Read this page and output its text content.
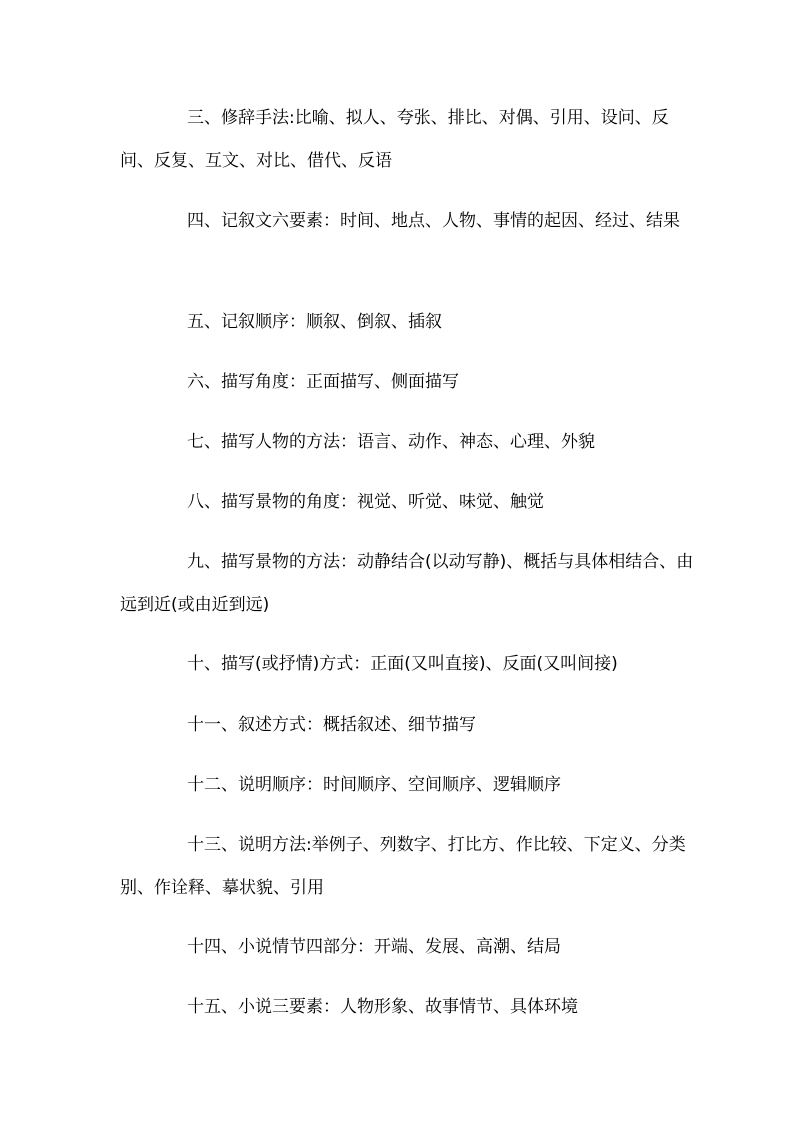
三、修辞手法:比喻、拟人、夸张、排比、对偶、引用、设问、反问、反复、互文、对比、借代、反语

四、记叙文六要素：时间、地点、人物、事情的起因、经过、结果

五、记叙顺序：顺叙、倒叙、插叙

六、描写角度：正面描写、侧面描写

七、描写人物的方法：语言、动作、神态、心理、外貌

八、描写景物的角度：视觉、听觉、味觉、触觉

九、描写景物的方法：动静结合(以动写静)、概括与具体相结合、由远到近(或由近到远)

十、描写(或抒情)方式：正面(又叫直接)、反面(又叫间接)

十一、叙述方式：概括叙述、细节描写

十二、说明顺序：时间顺序、空间顺序、逻辑顺序

十三、说明方法:举例子、列数字、打比方、作比较、下定义、分类别、作诠释、摹状貌、引用

十四、小说情节四部分：开端、发展、高潮、结局

十五、小说三要素：人物形象、故事情节、具体环境
